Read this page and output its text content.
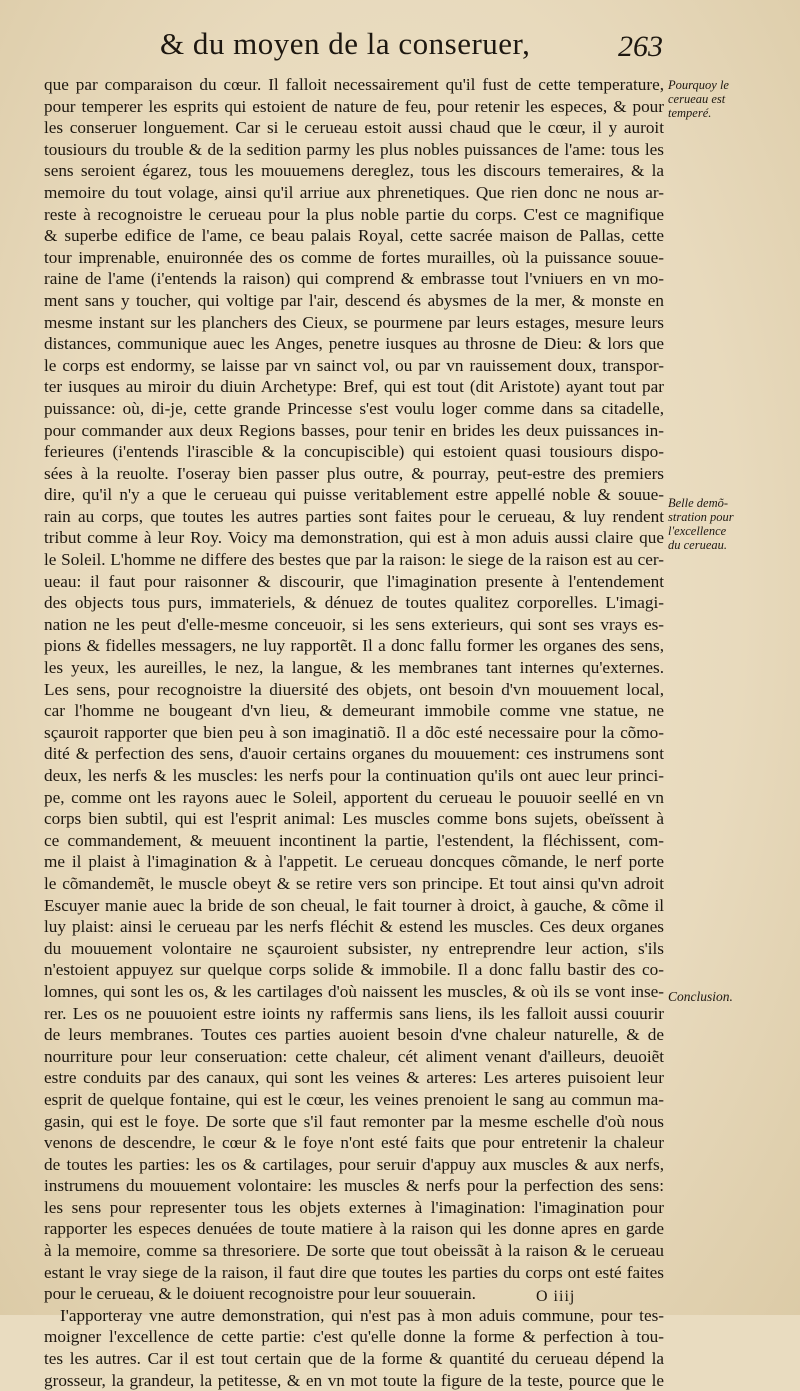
& du moyen de la conseruer,	263
que par comparaison du cœur. Il falloit necessairement qu'il fust de cette temperature,
pour temperer les esprits qui estoient de nature de feu, pour retenir les especes, & pour
les conseruer longuement. Car si le cerueau estoit aussi chaud que le cœur, il y auroit
tousiours du trouble & de la sedition parmy les plus nobles puissances de l'ame: tous les
sens seroient égarez, tous les mouuemens dereglez, tous les discours temeraires, & la
memoire du tout volage, ainsi qu'il arriue aux phrenetiques. Que rien donc ne nous ar-
reste à recognoistre le cerueau pour la plus noble partie du corps. C'est ce magnifique
& superbe edifice de l'ame, ce beau palais Royal, cette sacrée maison de Pallas, cette
tour imprenable, enuironnée des os comme de fortes murailles, où la puissance souue-
raine de l'ame (i'entends la raison) qui comprend & embrasse tout l'vniuers en vn mo-
ment sans y toucher, qui voltige par l'air, descend és abysmes de la mer, & monste en
mesme instant sur les planchers des Cieux, se pourmene par leurs estages, mesure leurs
distances, communique auec les Anges, penetre iusques au throsne de Dieu: & lors que
le corps est endormy, se laisse par vn sainct vol, ou par vn rauissement doux, transpor-
ter iusques au miroir du diuin Archetype: Bref, qui est tout (dit Aristote) ayant tout par
puissance: où, di-je, cette grande Princesse s'est voulu loger comme dans sa citadelle,
pour commander aux deux Regions basses, pour tenir en brides les deux puissances in-
ferieures (i'entends l'irascible & la concupiscible) qui estoient quasi tousiours dispo-
sées à la reuolte. I'oseray bien passer plus outre, & pourray, peut-estre des premiers
dire, qu'il n'y a que le cerueau qui puisse veritablement estre appellé noble & souue-
rain au corps, que toutes les autres parties sont faites pour le cerueau, & luy rendent
tribut comme à leur Roy. Voicy ma demonstration, qui est à mon aduis aussi claire que
le Soleil. L'homme ne differe des bestes que par la raison: le siege de la raison est au cer-
ueau: il faut pour raisonner & discourir, que l'imagination presente à l'entendement
des objects tous purs, immateriels, & dénuez de toutes qualitez corporelles. L'imagi-
nation ne les peut d'elle-mesme conceuoir, si les sens exterieurs, qui sont ses vrays es-
pions & fidelles messagers, ne luy rapportẽt. Il a donc fallu former les organes des sens,
les yeux, les aureilles, le nez, la langue, & les membranes tant internes qu'externes.
Les sens, pour recognoistre la diuersité des objets, ont besoin d'vn mouuement local,
car l'homme ne bougeant d'vn lieu, & demeurant immobile comme vne statue, ne
sçauroit rapporter que bien peu à son imaginatiõ. Il a dõc esté necessaire pour la cõmo-
dité & perfection des sens, d'auoir certains organes du mouuement: ces instrumens sont
deux, les nerfs & les muscles: les nerfs pour la continuation qu'ils ont auec leur princi-
pe, comme ont les rayons auec le Soleil, apportent du cerueau le pouuoir seellé en vn
corps bien subtil, qui est l'esprit animal: Les muscles comme bons sujets, obeïssent à
ce commandement, & meuuent incontinent la partie, l'estendent, la fléchissent, com-
me il plaist à l'imagination & à l'appetit. Le cerueau doncques cõmande, le nerf porte
le cõmandemẽt, le muscle obeyt & se retire vers son principe. Et tout ainsi qu'vn adroit
Escuyer manie auec la bride de son cheual, le fait tourner à droict, à gauche, & cõme il
luy plaist: ainsi le cerueau par les nerfs fléchit & estend les muscles. Ces deux organes
du mouuement volontaire ne sçauroient subsister, ny entreprendre leur action, s'ils
n'estoient appuyez sur quelque corps solide & immobile. Il a donc fallu bastir des co-
lomnes, qui sont les os, & les cartilages d'où naissent les muscles, & où ils se vont inse-
rer. Les os ne pouuoient estre ioints ny raffermis sans liens, ils les falloit aussi couurir
de leurs membranes. Toutes ces parties auoient besoin d'vne chaleur naturelle, & de
nourriture pour leur conseruation: cette chaleur, cét aliment venant d'ailleurs, deuoiẽt
estre conduits par des canaux, qui sont les veines & arteres: Les arteres puisoient leur
esprit de quelque fontaine, qui est le cœur, les veines prenoient le sang au commun ma-
gasin, qui est le foye. De sorte que s'il faut remonter par la mesme eschelle d'où nous
venons de descendre, le cœur & le foye n'ont esté faits que pour entretenir la chaleur
de toutes les parties: les os & cartilages, pour seruir d'appuy aux muscles & aux nerfs,
instrumens du mouuement volontaire: les muscles & nerfs pour la perfection des sens:
les sens pour representer tous les objets externes à l'imagination: l'imagination pour
rapporter les especes denuées de toute matiere à la raison qui les donne apres en garde
à la memoire, comme sa thresoriere. De sorte que tout obeissãt à la raison & le cerueau
estant le vray siege de la raison, il faut dire que toutes les parties du corps ont esté faites
pour le cerueau, & le doiuent recognoistre pour leur souuerain.
I'apporteray vne autre demonstration, qui n'est pas à mon aduis commune, pour tes-
moigner l'excellence de cette partie: c'est qu'elle donne la forme & perfection à tou-
tes les autres. Car il est tout certain que de la forme & quantité du cerueau dépend la
grosseur, la grandeur, la petitesse, & en vn mot toute la figure de la teste, pource que le
Pourquoy le
cerueau est
temperé.
Belle demõ-
stration pour
l'excellence
du cerueau.
Conclusion.
O iiij
